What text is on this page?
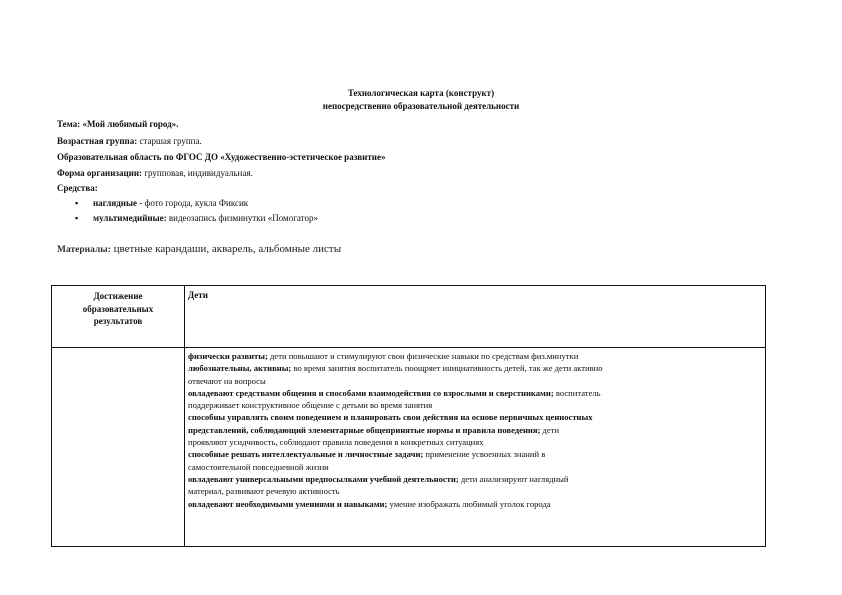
Технологическая карта (конструкт)
непосредственно образовательной деятельности
Тема: «Мой любимый город».
Возрастная группа: старшая группа.
Образовательная область по ФГОС ДО «Художественно-эстетическое развитие»
Форма организации: групповая, индивидуальная.
Средства:
▪ наглядные - фото города, кукла Фиксик
▪ мультимедийные: видеозапись физминутки «Помогатор»
Материалы: цветные карандаши, акварель, альбомные листы
Достижение
образовательных
результатов
Дети
физически развиты; дети повышают и стимулируют свои физические навыки по средствам физ.минутки
любознательны, активны; во время занятия воспитатель поощряет инициативность детей, так же дети активно
отвечают на вопросы
овладевают средствами общения и способами взаимодействия со взрослыми и сверстниками; воспитатель
поддерживает конструктивное общение с детьми во время занятия
способны управлять своим поведением и планировать свои действия на основе первичных ценностных
представлений, соблюдающий элементарные общепринятые нормы и правила поведения; дети
проявляют усидчивость, соблюдают правила поведения в конкретных ситуациях
способные решать интеллектуальные и личностные задачи; применение усвоенных знаний в
самостоятельной повседневной жизни
овладевают универсальными предпосылками учебной деятельности; дети анализируют наглядный
материал, развивают речевую активность
овладевают необходимыми умениями и навыками; умение изображать любимый уголок города
